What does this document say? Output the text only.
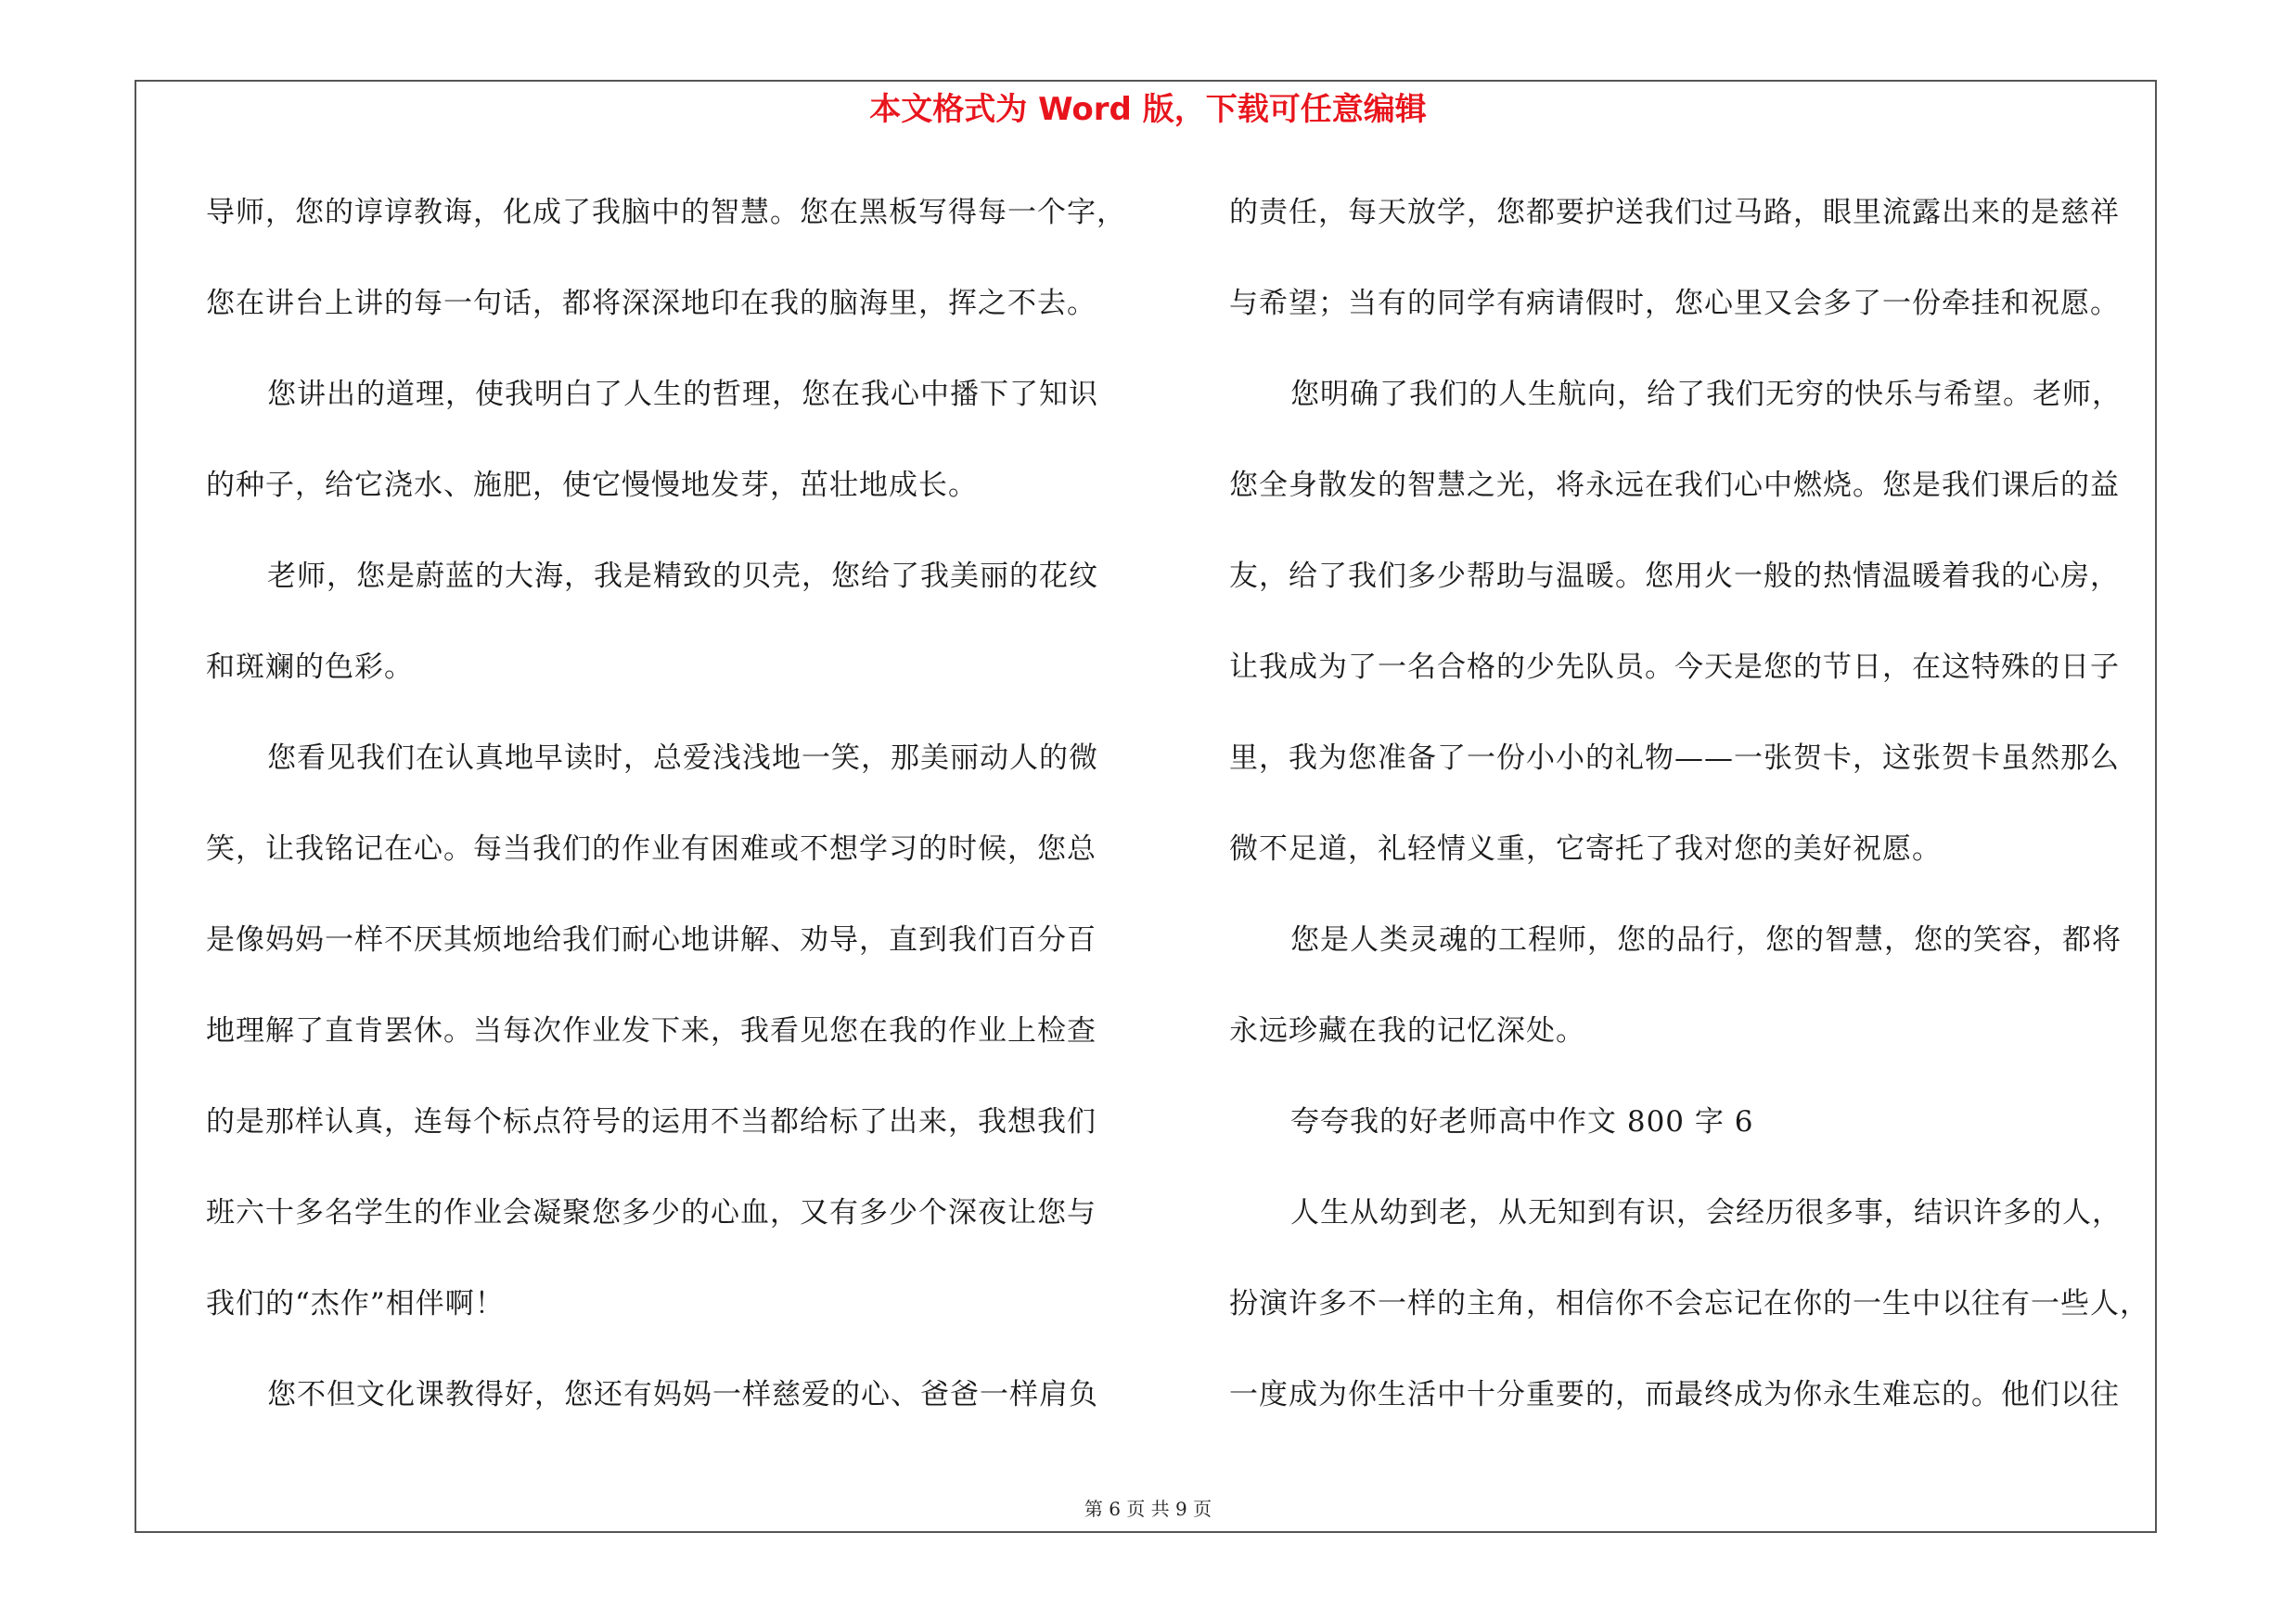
本文格式为 Word 版，下载可任意编辑
导师，您的谆谆教诲，化成了我脑中的智慧。您在黑板写得每一个字，
您在讲台上讲的每一句话，都将深深地印在我的脑海里，挥之不去。
您讲出的道理，使我明白了人生的哲理，您在我心中播下了知识
的种子，给它浇水、施肥，使它慢慢地发芽，茁壮地成长。
老师，您是蔚蓝的大海，我是精致的贝壳，您给了我美丽的花纹
和斑斓的色彩。
您看见我们在认真地早读时，总爱浅浅地一笑，那美丽动人的微
笑，让我铭记在心。每当我们的作业有困难或不想学习的时候，您总
是像妈妈一样不厌其烦地给我们耐心地讲解、劝导，直到我们百分百
地理解了直肯罢休。当每次作业发下来，我看见您在我的作业上检查
的是那样认真，连每个标点符号的运用不当都给标了出来，我想我们
班六十多名学生的作业会凝聚您多少的心血，又有多少个深夜让您与
我们的“杰作”相伴啊！
您不但文化课教得好，您还有妈妈一样慈爱的心、爸爸一样肩负
的责任，每天放学，您都要护送我们过马路，眼里流露出来的是慈祥
与希望；当有的同学有病请假时，您心里又会多了一份牵挂和祝愿。
您明确了我们的人生航向，给了我们无穷的快乐与希望。老师，
您全身散发的智慧之光，将永远在我们心中燃烧。您是我们课后的益
友，给了我们多少帮助与温暖。您用火一般的热情温暖着我的心房，
让我成为了一名合格的少先队员。今天是您的节日，在这特殊的日子
里，我为您准备了一份小小的礼物——一张贺卡，这张贺卡虽然那么
微不足道，礼轻情义重，它寄托了我对您的美好祝愿。
您是人类灵魂的工程师，您的品行，您的智慧，您的笑容，都将
永远珍藏在我的记忆深处。
夸夸我的好老师高中作文 800 字 6
人生从幼到老，从无知到有识，会经历很多事，结识许多的人，
扮演许多不一样的主角，相信你不会忘记在你的一生中以往有一些人，
一度成为你生活中十分重要的，而最终成为你永生难忘的。他们以往
第 6 页 共 9 页
